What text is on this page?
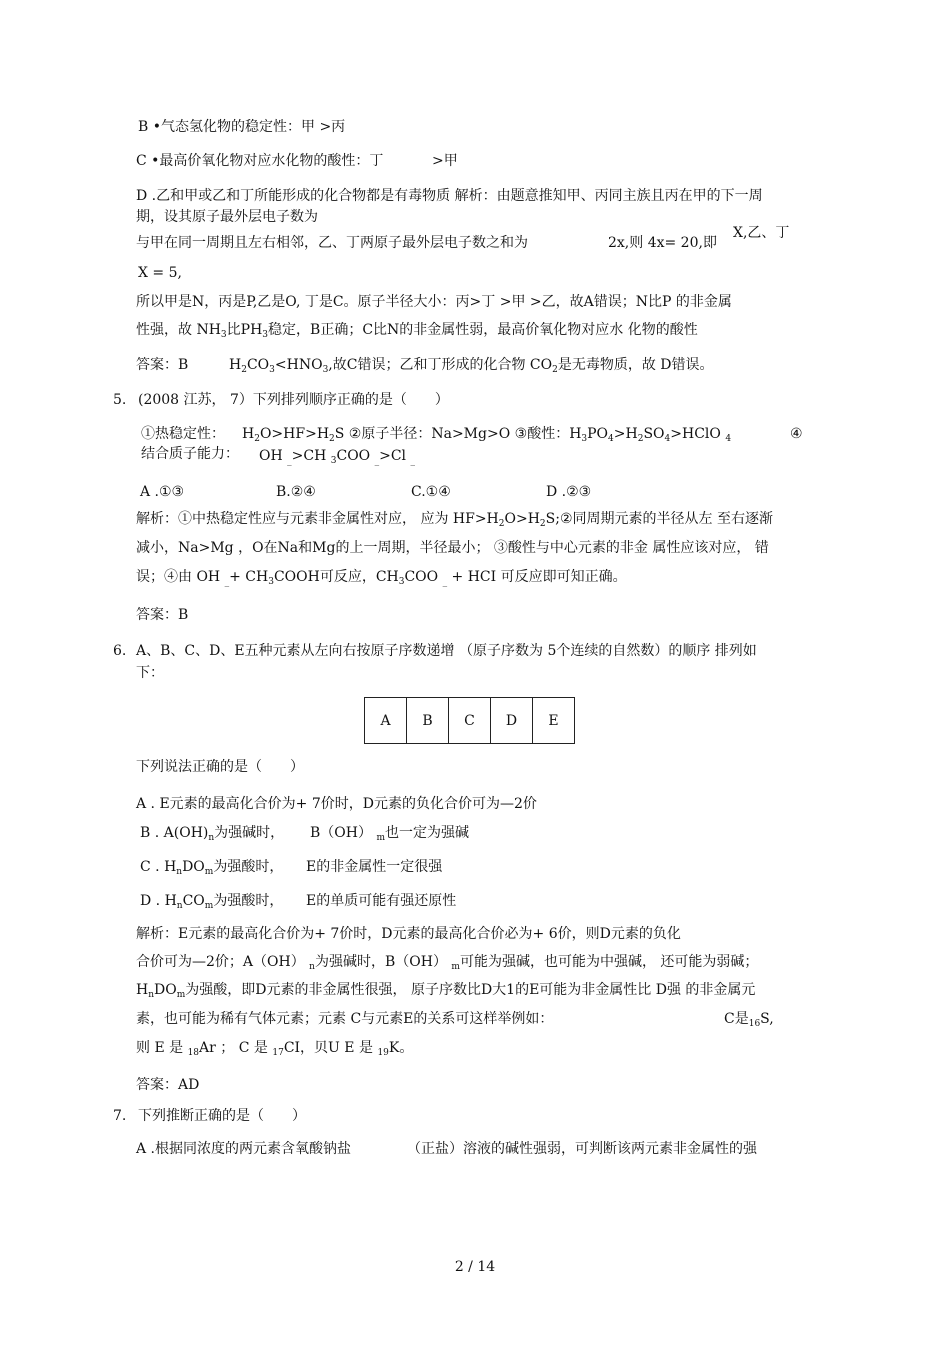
B •气态氢化物的稳定性：甲 >丙
C •最高价氧化物对应水化物的酸性：丁	>甲
D .乙和甲或乙和丁所能形成的化合物都是有毒物质 解析：由题意推知甲、丙同主族且丙在甲的下一周
期，设其原子最外层电子数为
与甲在同一周期且左右相邻，乙、丁两原子最外层电子数之和为	2x,则 4x= 20,即
X,乙、丁
X = 5,
所以甲是N，丙是P,乙是O, 丁是C。原子半径大小：丙>丁 >甲 >乙，故A错误；N比P 的非金属
性强，故 $NH_3$比$PH_3$稳定，B正确；C比N的非金属性弱，最高价氧化物对应水 化物的酸性
答案：B	$H_2CO_3<HNO_3$,故C错误；乙和丁形成的化合物 $CO_2$是无毒物质，故 D错误。
5. (2008 江苏， 7）下列排列顺序正确的是（　　）
①热稳定性： $H_2O>HF>H_2S$ ②原子半径：Na>Mg>O ③酸性：$H_3PO_4>H_2SO_4>HClO$ $_4$	④
结合质子能力： OH $_{\_}$>CH $_3$COO $_{\_}$>Cl $_{\_}$
A .①③	B.②④	C.①④	D .②③
解析：①中热稳定性应与元素非金属性对应， 应为 $HF>H_2O>H_2S;②$同周期元素的半径从左 至右逐渐
减小，Na>Mg ，O在Na和Mg的上一周期，半径最小； ③酸性与中心元素的非金 属性应该对应， 错
误；④由 OH $_{\_}+ CH_3COOH$可反应，$CH_3COO$ $_{\_}$ + HCI 可反应即可知正确。
答案：B
6. A、B、C、D、E五种元素从左向右按原子序数递增 （原子序数为 5个连续的自然数）的顺序 排列如
下：
A	B	C	D	E
下列说法正确的是（　　）
A . E元素的最高化合价为+ 7价时，D元素的负化合价可为—2价
B . $A(OH)_n$为强碱时， B（OH） $_m$也一定为强碱
C . $H_nDO_m$为强酸时， E的非金属性一定很强
D . $H_nCO_m$为强酸时， E的单质可能有强还原性
解析：E元素的最高化合价为+ 7价时，D元素的最高化合价必为+ 6价，则D元素的负化
合价可为—2价；A（OH） $_n$为强碱时，B（OH） $_m$可能为强碱，也可能为中强碱， 还可能为弱碱；
$H_nDO_m$为强酸，即D元素的非金属性很强， 原子序数比D大1的E可能为非金属性比 D强 的非金属元
素，也可能为稀有气体元素；元素 C与元素E的关系可这样举例如：	C是$_{16}$S,
则 E 是 $_{18}$Ar ； C 是 $_{17}$CI，贝U E 是 $_{19}$K。
答案：AD
7. 下列推断正确的是（　　）
A .根据同浓度的两元素含氧酸钠盐	（正盐）溶液的碱性强弱，可判断该两元素非金属性的强
2 / 14
